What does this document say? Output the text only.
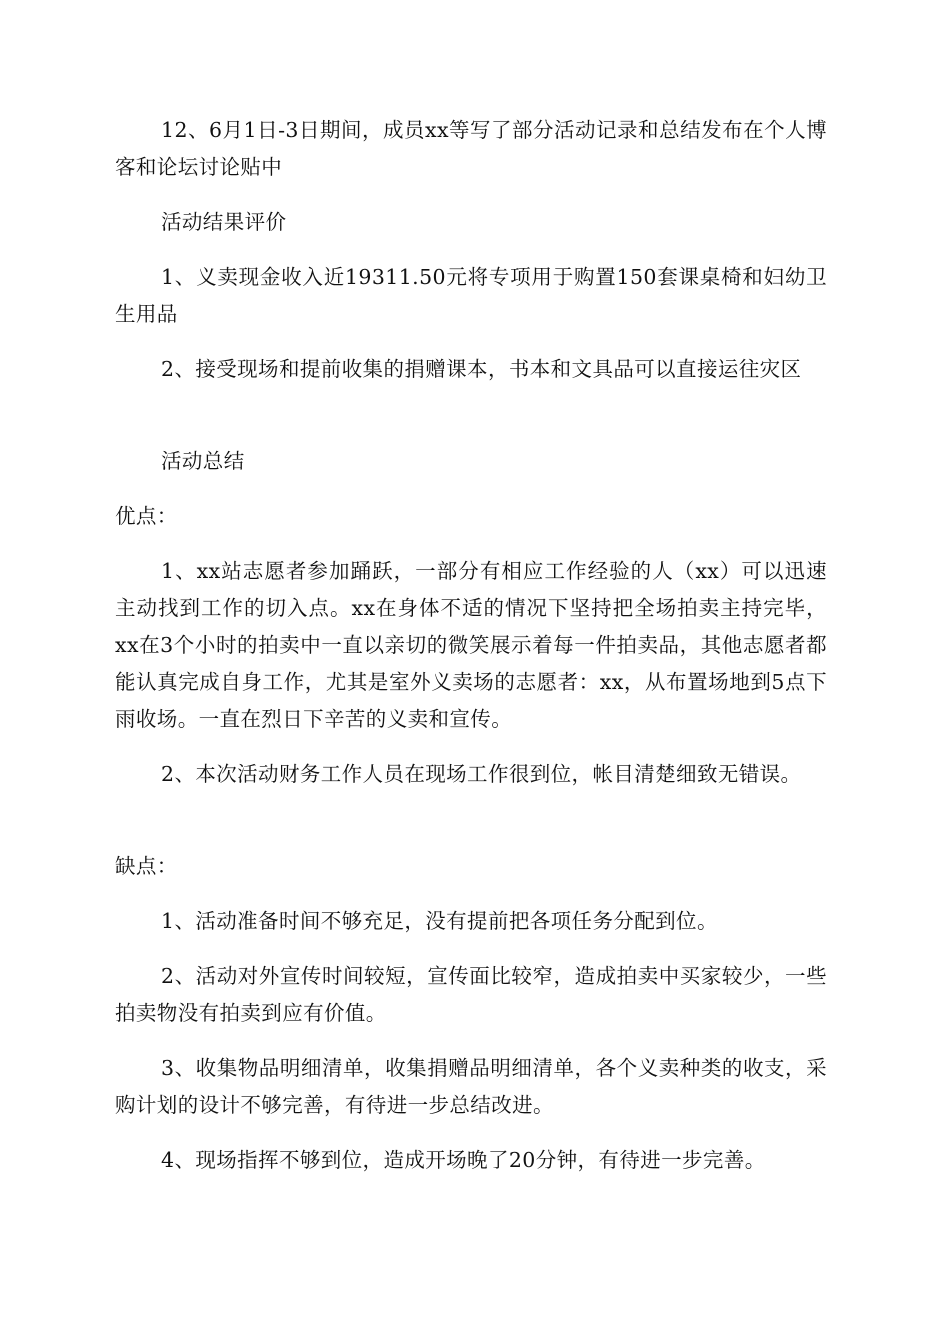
12、6月1日-3日期间，成员xx等写了部分活动记录和总结发布在个人博客和论坛讨论贴中

活动结果评价

1、义卖现金收入近19311.50元将专项用于购置150套课桌椅和妇幼卫生用品

2、接受现场和提前收集的捐赠课本，书本和文具品可以直接运往灾区

活动总结

优点：

1、xx站志愿者参加踊跃，一部分有相应工作经验的人（xx）可以迅速主动找到工作的切入点。xx在身体不适的情况下坚持把全场拍卖主持完毕，xx在3个小时的拍卖中一直以亲切的微笑展示着每一件拍卖品，其他志愿者都能认真完成自身工作，尤其是室外义卖场的志愿者：xx，从布置场地到5点下雨收场。一直在烈日下辛苦的义卖和宣传。

2、本次活动财务工作人员在现场工作很到位，帐目清楚细致无错误。

缺点：

1、活动准备时间不够充足，没有提前把各项任务分配到位。

2、活动对外宣传时间较短，宣传面比较窄，造成拍卖中买家较少，一些拍卖物没有拍卖到应有价值。

3、收集物品明细清单，收集捐赠品明细清单，各个义卖种类的收支，采购计划的设计不够完善，有待进一步总结改进。

4、现场指挥不够到位，造成开场晚了20分钟，有待进一步完善。
